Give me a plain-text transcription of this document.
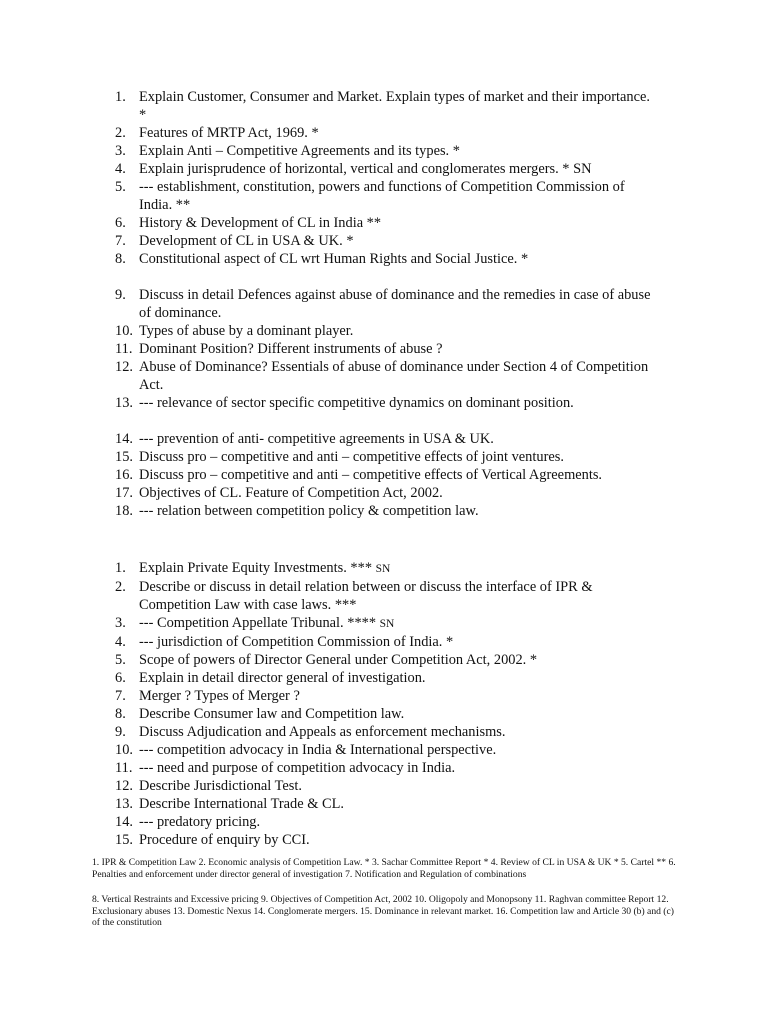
1. Explain Customer, Consumer and Market. Explain types of market and their importance. *
2. Features of MRTP Act, 1969. *
3. Explain Anti – Competitive Agreements and its types. *
4. Explain jurisprudence of horizontal, vertical and conglomerates mergers. * SN
5. --- establishment, constitution, powers and functions of Competition Commission of India. **
6. History & Development of CL in India **
7. Development of CL in USA & UK. *
8. Constitutional aspect of CL wrt Human Rights and Social Justice. *
9. Discuss in detail Defences against abuse of dominance and the remedies in case of abuse of dominance.
10. Types of abuse by a dominant player.
11. Dominant Position? Different instruments of abuse ?
12. Abuse of Dominance? Essentials of abuse of dominance under Section 4 of Competition Act.
13. --- relevance of sector specific competitive dynamics on dominant position.
14. --- prevention of anti- competitive agreements in USA & UK.
15. Discuss pro – competitive and anti – competitive effects of joint ventures.
16. Discuss pro – competitive and anti – competitive effects of Vertical Agreements.
17. Objectives of CL. Feature of Competition Act, 2002.
18. --- relation between competition policy & competition law.
1. Explain Private Equity Investments. *** SN
2. Describe or discuss in detail relation between or discuss the interface of IPR & Competition Law with case laws. ***
3. --- Competition Appellate Tribunal. **** SN
4. --- jurisdiction of Competition Commission of India. *
5. Scope of powers of Director General under Competition Act, 2002. *
6. Explain in detail director general of investigation.
7. Merger ? Types of Merger ?
8. Describe Consumer law and Competition law.
9. Discuss Adjudication and Appeals as enforcement mechanisms.
10. --- competition advocacy in India & International perspective.
11. --- need and purpose of competition advocacy in India.
12. Describe Jurisdictional Test.
13. Describe International Trade & CL.
14. --- predatory pricing.
15. Procedure of enquiry by CCI.
1. IPR & Competition Law 2. Economic analysis of Competition Law. * 3. Sachar Committee Report * 4. Review of CL in USA & UK * 5. Cartel ** 6. Penalties and enforcement under director general of investigation 7. Notification and Regulation of combinations
8. Vertical Restraints and Excessive pricing 9. Objectives of Competition Act, 2002 10. Oligopoly and Monopsony 11. Raghvan committee Report 12. Exclusionary abuses 13. Domestic Nexus 14. Conglomerate mergers. 15. Dominance in relevant market. 16. Competition law and Article 30 (b) and (c) of the constitution
